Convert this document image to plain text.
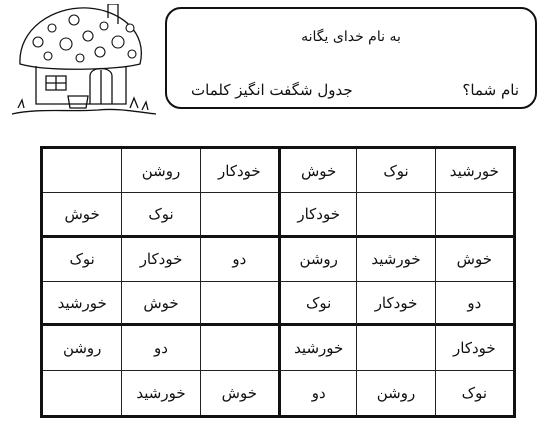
به نام خدای یگانه
نام شما؟
جدول شگفت انگیز کلمات
خورشید
نوک
خوش
خودکار
روشن
خودکار
نوک
خوش
خوش
خورشید
روشن
دو
خودکار
نوک
دو
خودکار
نوک
خوش
خورشید
خودکار
خورشید
دو
روشن
نوک
روشن
دو
خوش
خورشید
